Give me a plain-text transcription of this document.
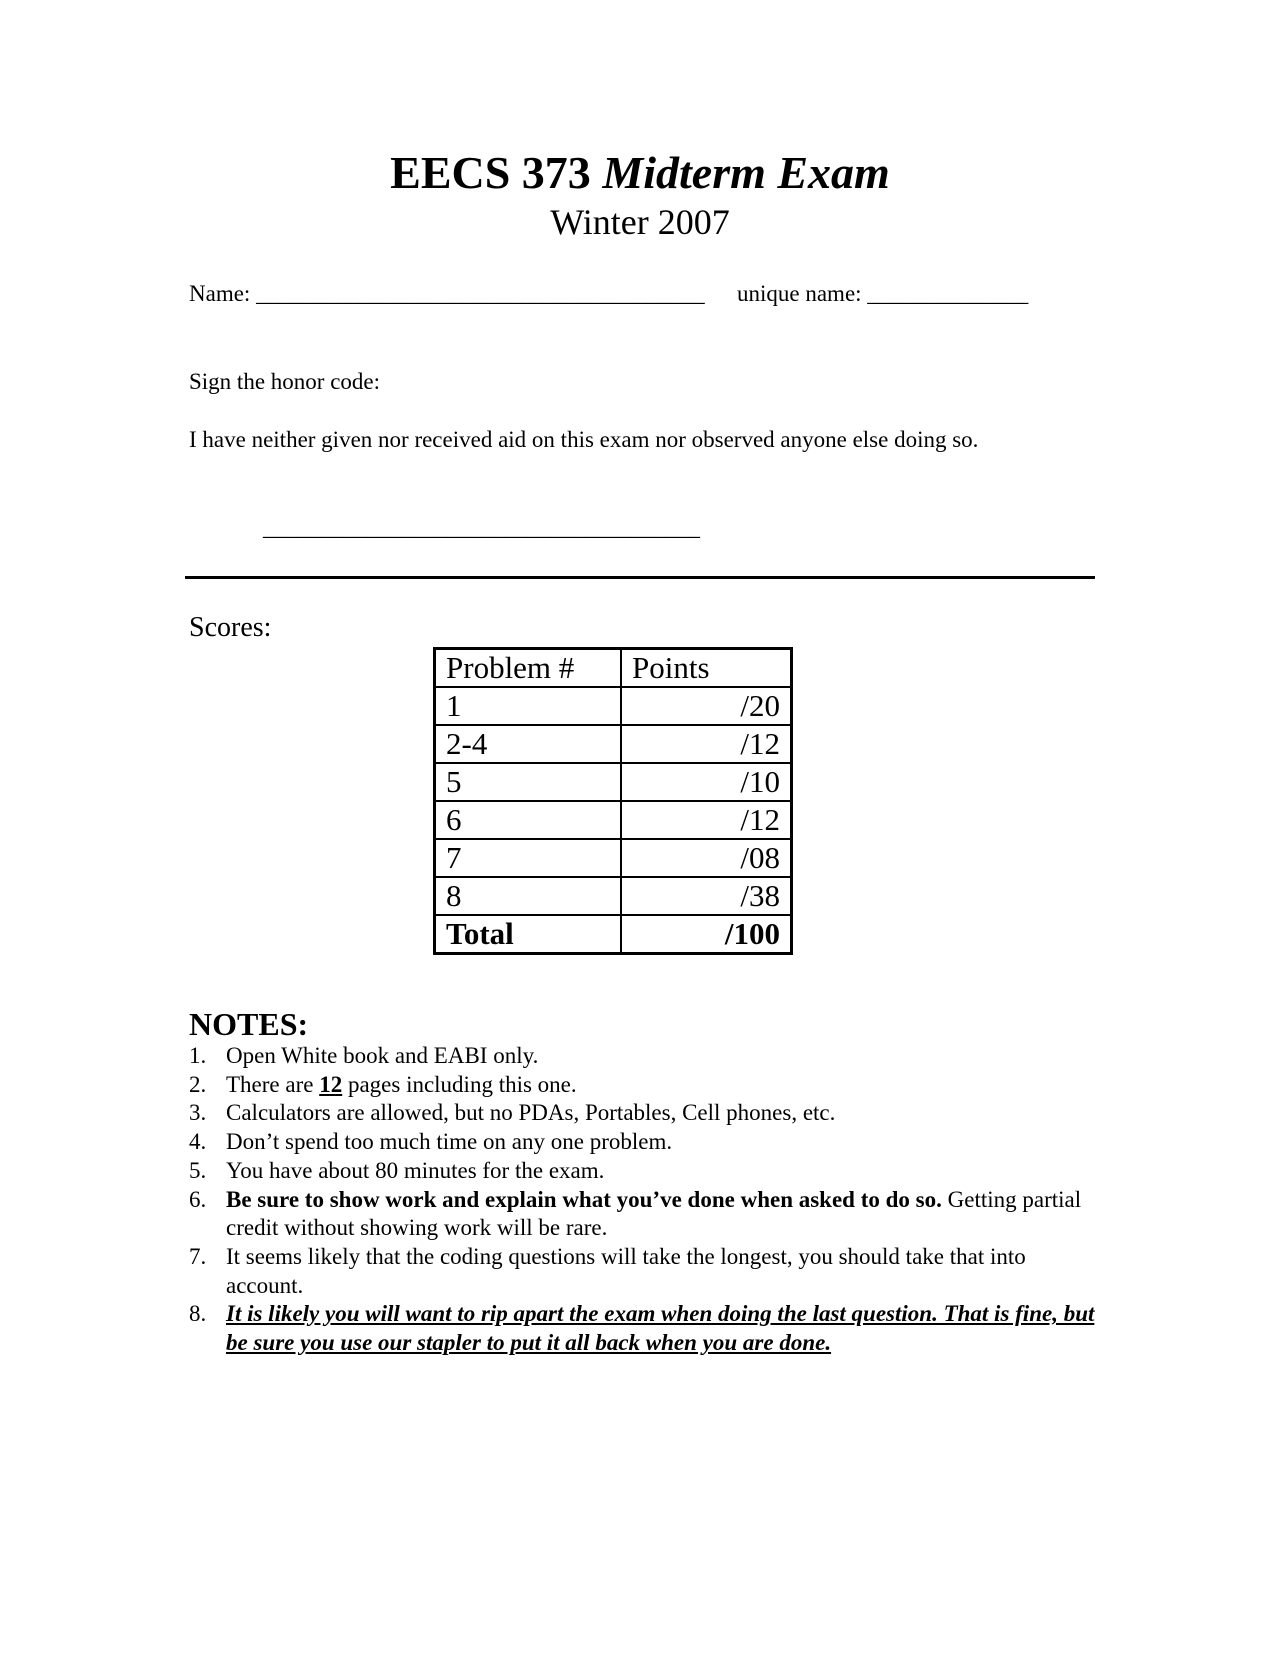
EECS 373 Midterm Exam
Winter 2007
Name: _______________________________________ unique name: ______________
Sign the honor code:
I have neither given nor received aid on this exam nor observed anyone else doing so.
______________________________________
Scores:
Problem #	Points
1	/20
2-4	/12
5	/10
6	/12
7	/08
8	/38
Total	/100
NOTES:
1. Open White book and EABI only.
2. There are 12 pages including this one.
3. Calculators are allowed, but no PDAs, Portables, Cell phones, etc.
4. Don’t spend too much time on any one problem.
5. You have about 80 minutes for the exam.
6. Be sure to show work and explain what you’ve done when asked to do so. Getting partial credit without showing work will be rare.
7. It seems likely that the coding questions will take the longest, you should take that into account.
8. It is likely you will want to rip apart the exam when doing the last question. That is fine, but be sure you use our stapler to put it all back when you are done.
